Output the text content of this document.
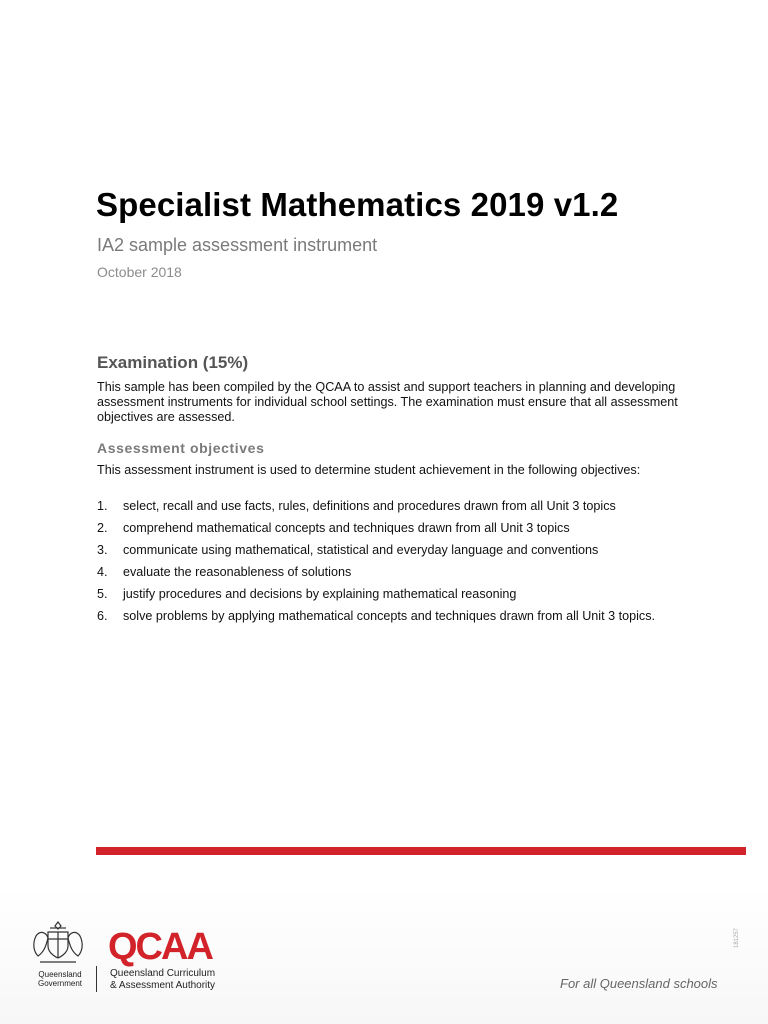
Specialist Mathematics 2019 v1.2
IA2 sample assessment instrument
October 2018
Examination (15%)
This sample has been compiled by the QCAA to assist and support teachers in planning and developing assessment instruments for individual school settings. The examination must ensure that all assessment objectives are assessed.
Assessment objectives
This assessment instrument is used to determine student achievement in the following objectives:
1. select, recall and use facts, rules, definitions and procedures drawn from all Unit 3 topics
2. comprehend mathematical concepts and techniques drawn from all Unit 3 topics
3. communicate using mathematical, statistical and everyday language and conventions
4. evaluate the reasonableness of solutions
5. justify procedures and decisions by explaining mathematical reasoning
6. solve problems by applying mathematical concepts and techniques drawn from all Unit 3 topics.
Queensland
Government
QCAA
Queensland Curriculum
& Assessment Authority
181257
For all Queensland schools
